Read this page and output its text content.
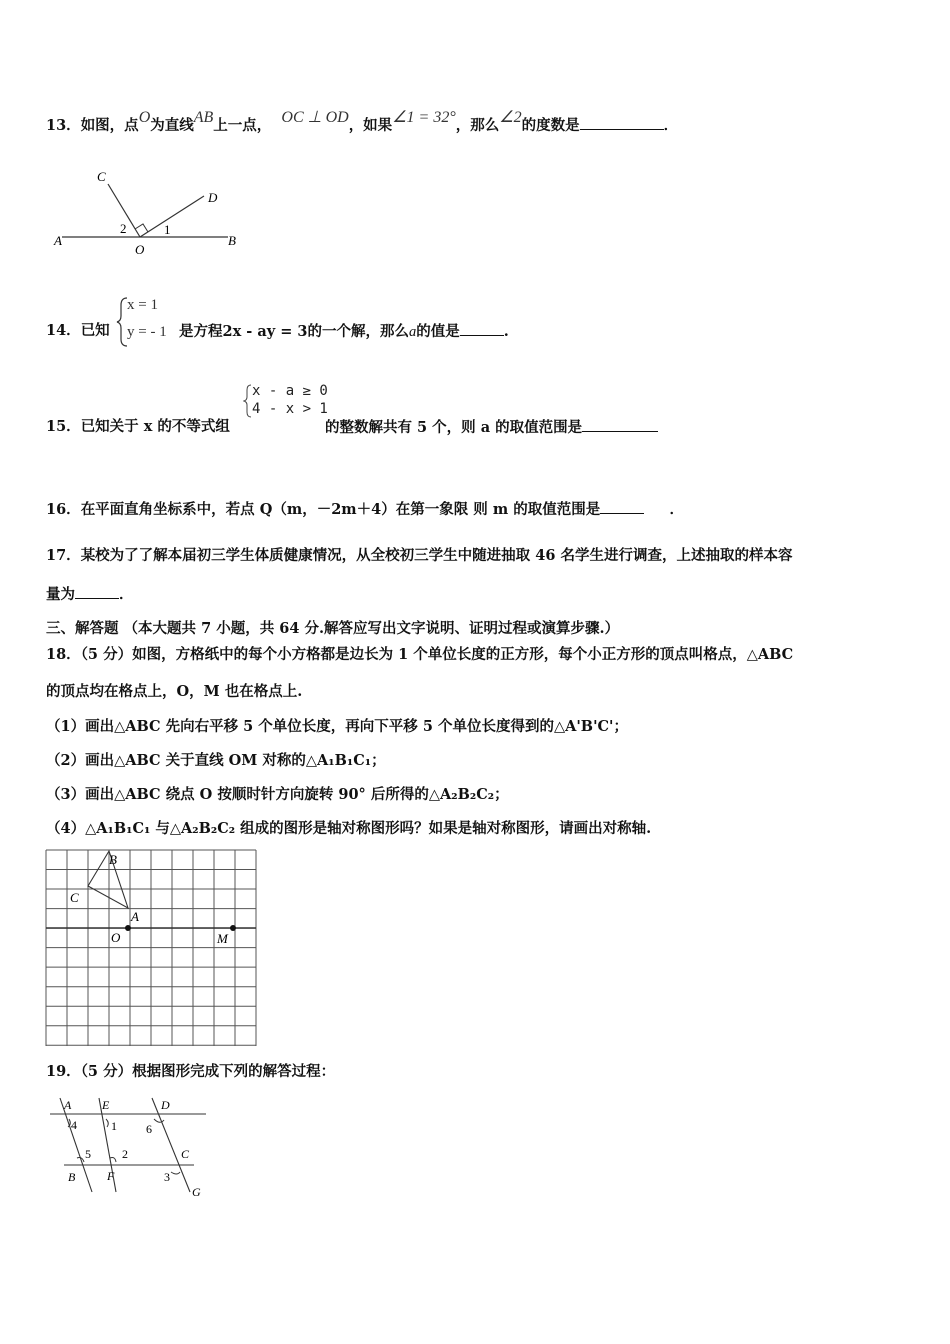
13．如图，点O为直线AB上一点， OC ⊥ OD，如果∠1 = 32°，那么∠2的度数是	．
A	B
C
D
O
1
2
x = 1
y = - 1
14．已知	是方程2x - ay = 3的一个解，那么a的值是	.
x - a ≥ 0
4 - x > 1
15．已知关于 x 的不等式组	的整数解共有 5 个，则 a 的取值范围是
16．在平面直角坐标系中，若点 Q（m，－2m＋4）在第一象限 则 m 的取值范围是	．
17．某校为了了解本届初三学生体质健康情况，从全校初三学生中随进抽取 46 名学生进行调查，上述抽取的样本容
量为	．
三、解答题 （本大题共 7 小题，共 64 分.解答应写出文字说明、证明过程或演算步骤.）
18．（5 分）如图，方格纸中的每个小方格都是边长为 1 个单位长度的正方形，每个小正方形的顶点叫格点，△ABC
的顶点均在格点上，O，M 也在格点上.
（1）画出△ABC 先向右平移 5 个单位长度，再向下平移 5 个单位长度得到的△A'B'C'；
（2）画出△ABC 关于直线 OM 对称的△A₁B₁C₁；
（3）画出△ABC 绕点 O 按顺时针方向旋转 90° 后所得的△A₂B₂C₂；
（4）△A₁B₁C₁ 与△A₂B₂C₂ 组成的图形是轴对称图形吗？如果是轴对称图形，请画出对称轴.
B
C
A
O	M
19．（5 分）根据图形完成下列的解答过程：
A	E	D
B	F
C
G
4	1 6
5	2
3
